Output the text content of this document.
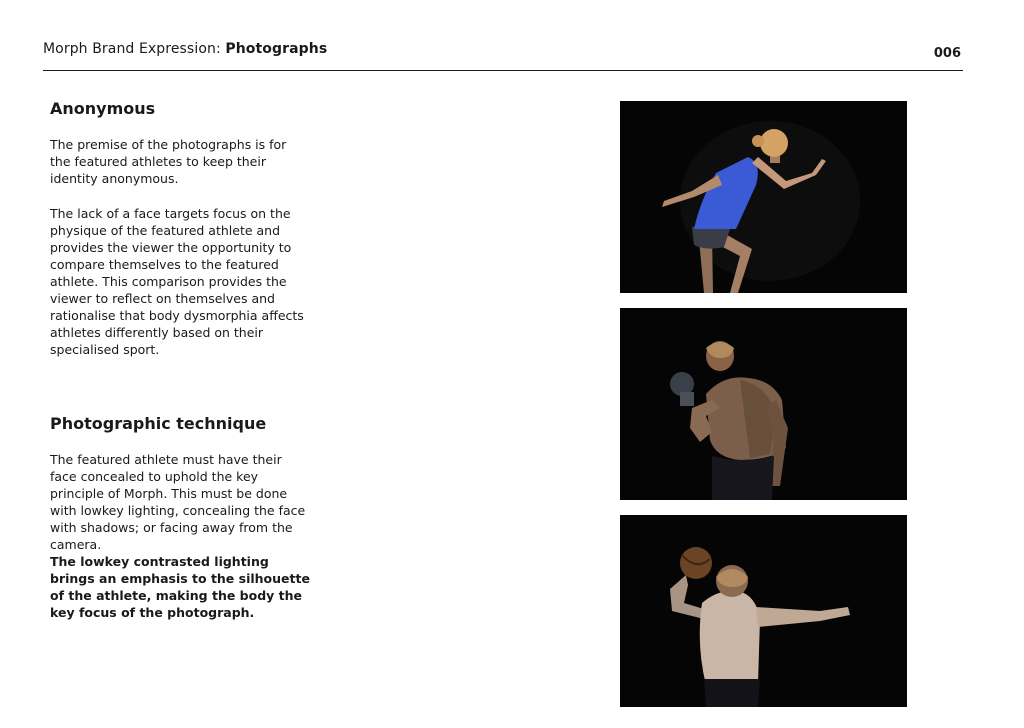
Morph Brand Expression: Photographs	006
Anonymous

The premise of the photographs is for the featured athletes to keep their identity anonymous.

The lack of a face targets focus on the physique of the featured athlete and provides the viewer the opportunity to compare themselves to the featured athlete. This comparison provides the viewer to reflect on themselves and rationalise that body dysmorphia affects athletes differently based on their specialised sport.

Photographic technique

The featured athlete must have their face concealed to uphold the key principle of Morph. This must be done with lowkey lighting, concealing the face with shadows; or facing away from the camera.

The lowkey contrasted lighting brings an emphasis to the silhouette of the athlete, making the body the key focus of the photograph.
